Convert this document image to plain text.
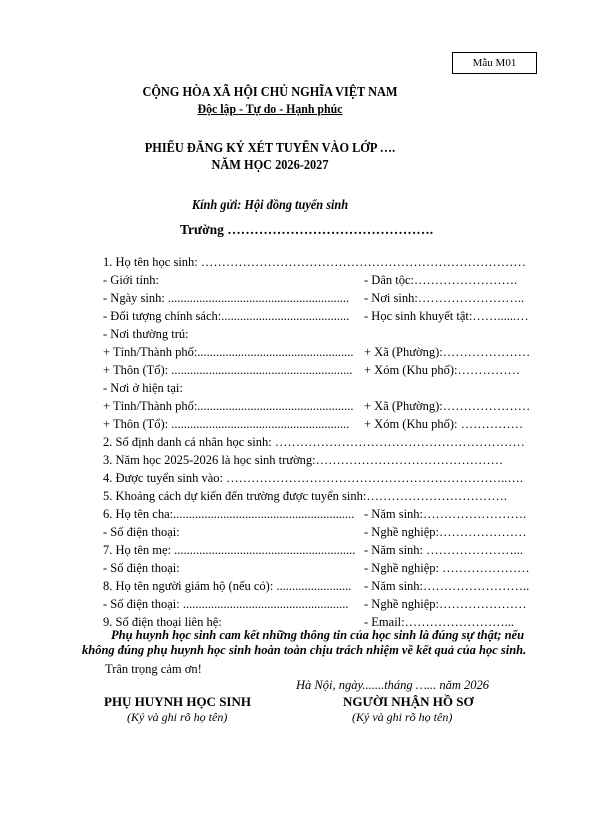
Mẫu M01
CỘNG HÒA XÃ HỘI CHỦ NGHĨA VIỆT NAM
Độc lập - Tự do - Hạnh phúc
PHIẾU ĐĂNG KÝ XÉT TUYỂN VÀO LỚP ….
NĂM HỌC 2026-2027
Kính gửi: Hội đồng tuyển sinh
Trường ……………………………………….
1. Họ tên học sinh: ……………………………………………………………………
- Giới tính:	- Dân tộc:…………………….
- Ngày sinh: .......................................................... - Nơi sinh:……………………..
- Đối tượng chính sách:......................................... - Học sinh khuyết tật:……......…
- Nơi thường trú:
+ Tỉnh/Thành phố:.................................................. + Xã (Phường):…………………
+ Thôn (Tổ): .......................................................... + Xóm (Khu phố):……………
- Nơi ở hiện tại:
+ Tỉnh/Thành phố:.................................................. + Xã (Phường):…………………
+ Thôn (Tổ): ......................................................... + Xóm (Khu phố): ……………
2. Số định danh cá nhân học sinh: ……………………………………………………
3. Năm học 2025-2026 là học sinh trường:………………………………………
4. Được tuyển sinh vào: …………………………………………………………..….
5. Khoảng cách dự kiến đến trường được tuyển sinh:…………………………….
6. Họ tên cha:.......................................................... - Năm sinh:…………………….
- Số điện thoại:	- Nghề nghiệp:…………………
7. Họ tên mẹ: .......................................................... - Năm sinh: …………………...
- Số điện thoại:	- Nghề nghiệp: …………………
8. Họ tên người giám hộ (nếu có): ........................ - Năm sinh:……………………..
- Số điện thoại: ..................................................... - Nghề nghiệp:…………………
9. Số điện thoại liên hệ:	- Email:……………………...
Phụ huynh học sinh cam kết những thông tin của học sinh là đúng sự thật; nếu
không đúng phụ huynh học sinh hoàn toàn chịu trách nhiệm về kết quả của học sinh.
Trân trọng cảm ơn!
Hà Nội, ngày.......tháng …... năm 2026
PHỤ HUYNH HỌC SINH
(Ký và ghi rõ họ tên)
NGƯỜI NHẬN HỒ SƠ
(Ký và ghi rõ họ tên)
